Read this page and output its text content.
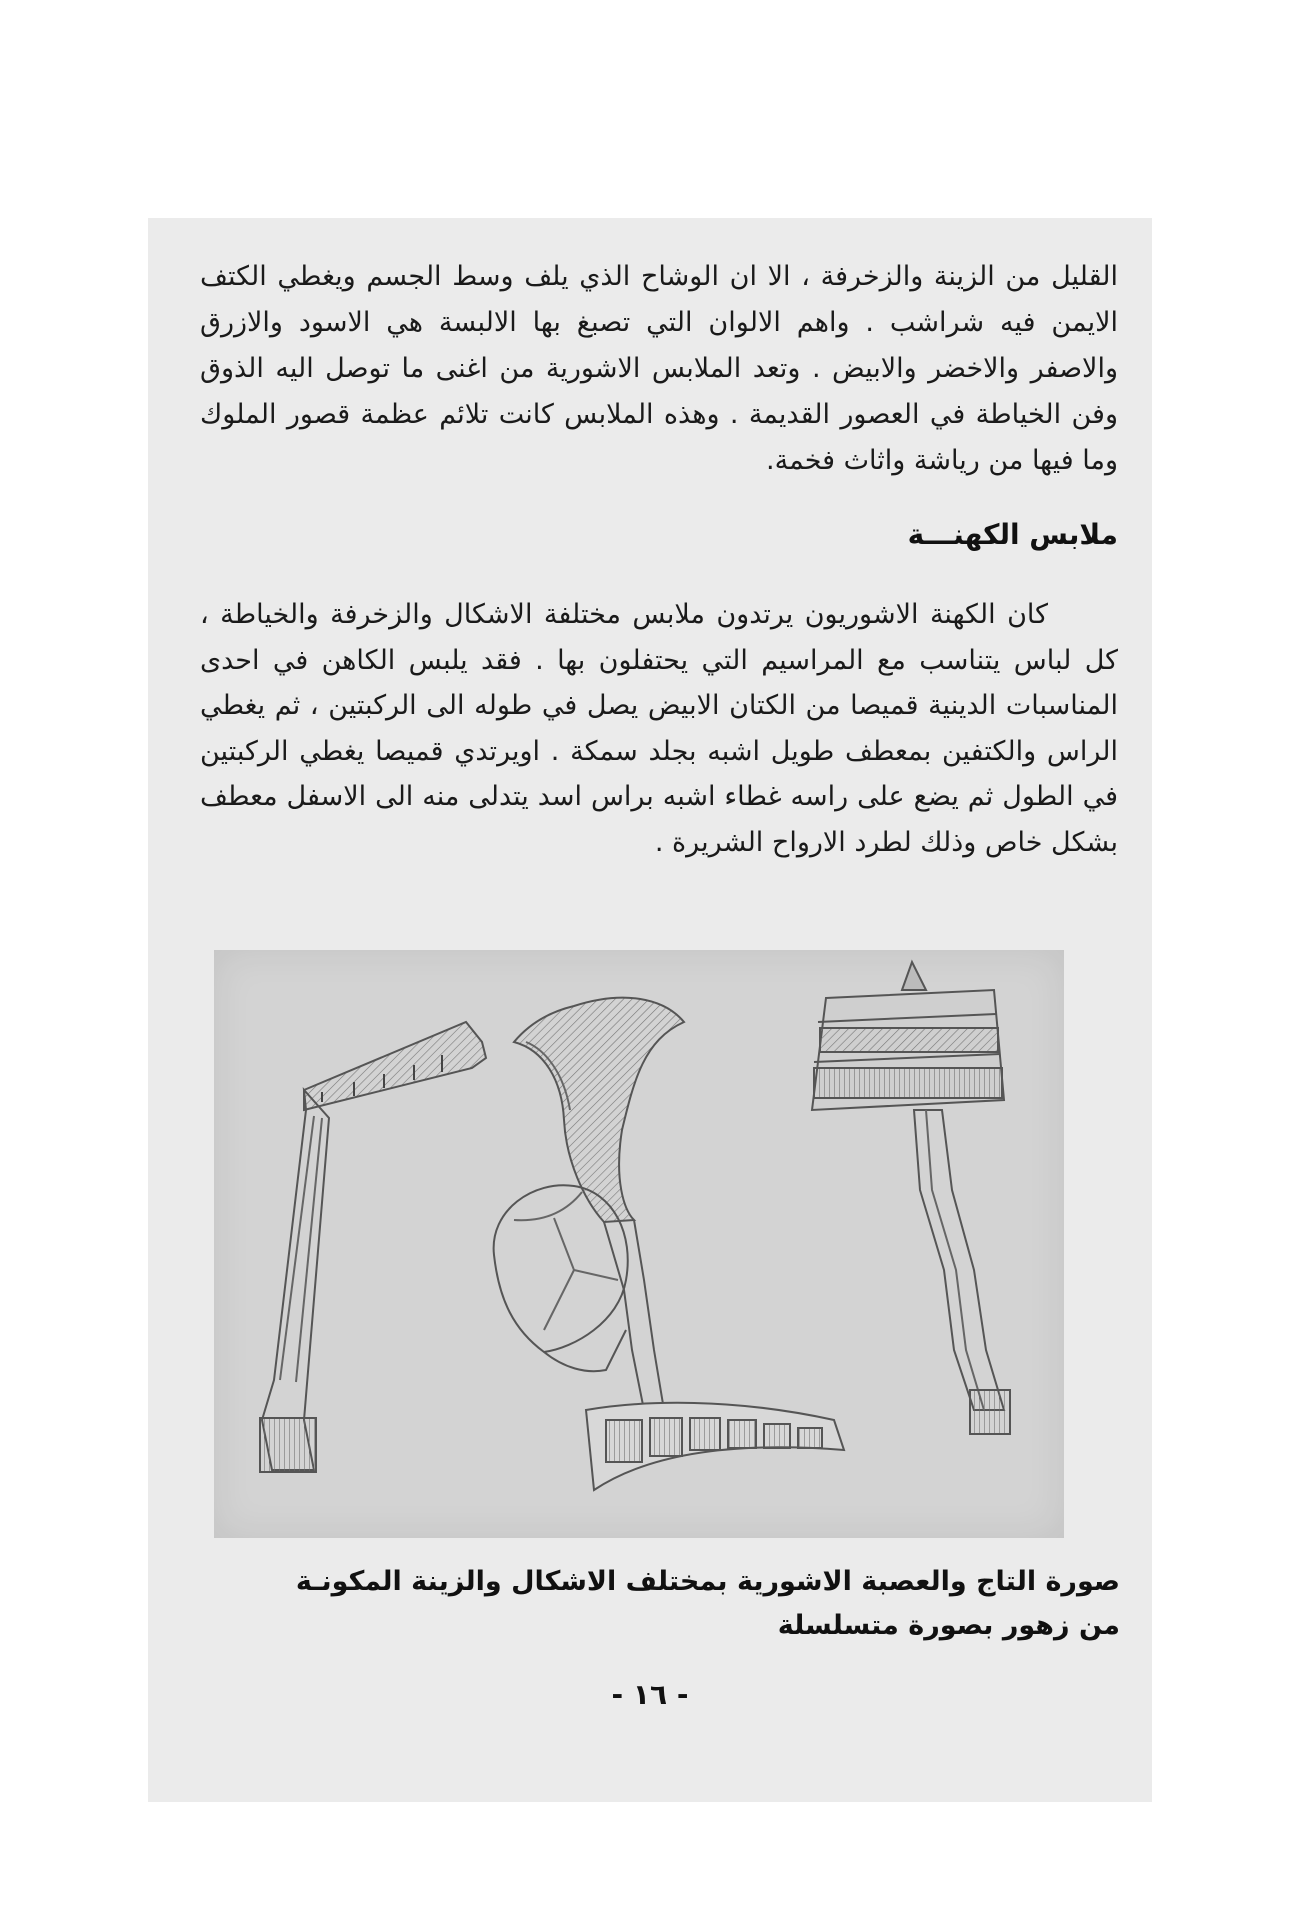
القليل من الزينة والزخرفة ، الا ان الوشاح الذي يلف وسط الجسم ويغطي الكتف الايمن فيه شراشب . واهم الالوان التي تصبغ بها الالبسة هي الاسود والازرق والاصفر والاخضر والابيض . وتعد الملابس الاشورية من اغنى ما توصل اليه الذوق وفن الخياطة في العصور القديمة . وهذه الملابس كانت تلائم عظمة قصور الملوك وما فيها من رياشة واثاث فخمة.
ملابس الكهنـــة
كان الكهنة الاشوريون يرتدون ملابس مختلفة الاشكال والزخرفة والخياطة ، كل لباس يتناسب مع المراسيم التي يحتفلون بها . فقد يلبس الكاهن في احدى المناسبات الدينية قميصا من الكتان الابيض يصل في طوله الى الركبتين ، ثم يغطي الراس والكتفين بمعطف طويل اشبه بجلد سمكة . اويرتدي قميصا يغطي الركبتين في الطول ثم يضع على راسه غطاء اشبه براس اسد يتدلى منه الى الاسفل معطف بشكل خاص وذلك لطرد الارواح الشريرة .
صورة التاج والعصبة الاشورية بمختلف الاشكال والزينة المكونـة
من زهور بصورة متسلسلة
- ١٦ -
